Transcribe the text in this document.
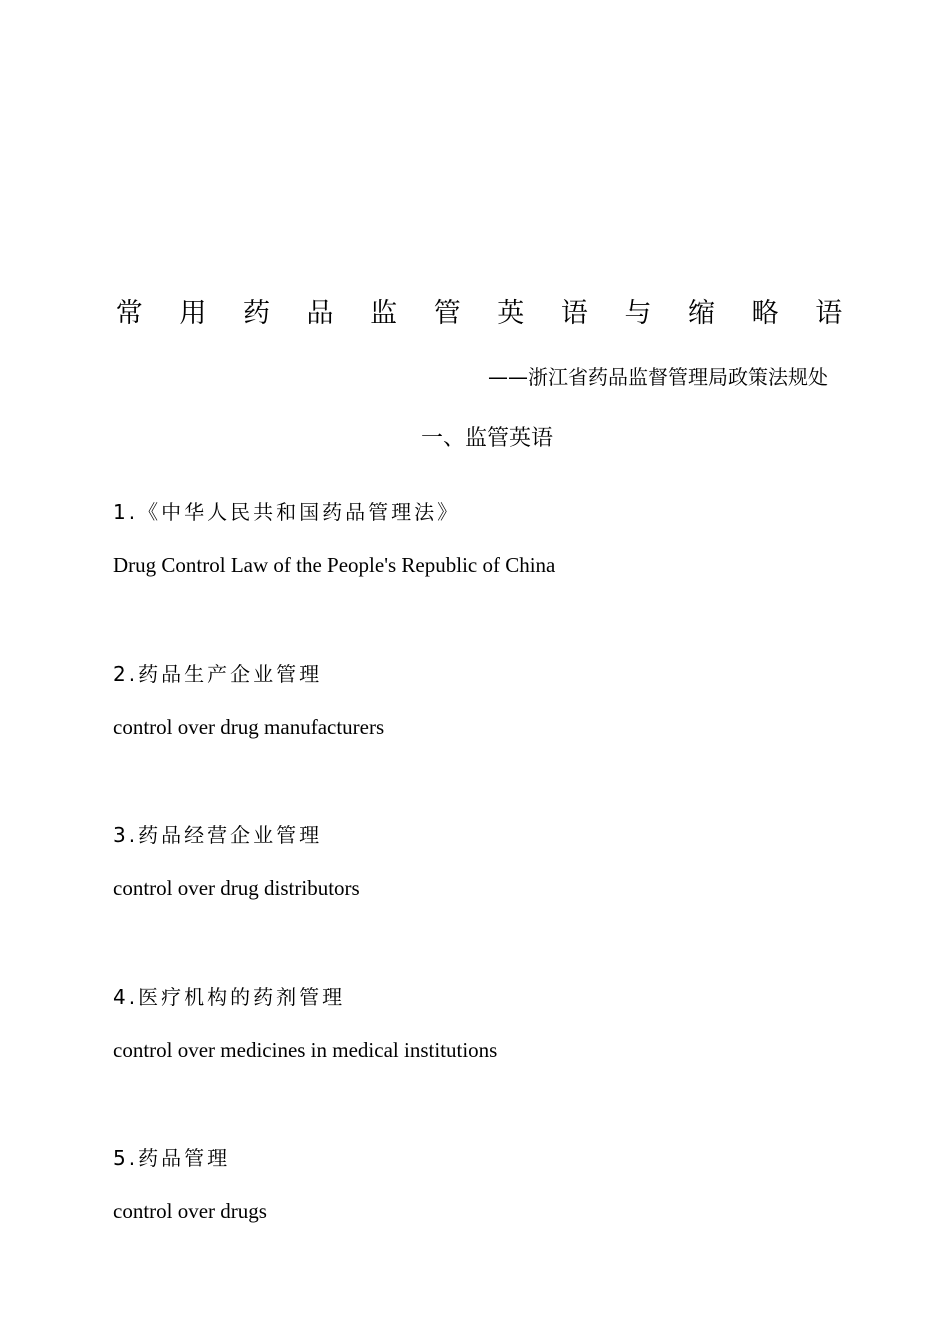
常 用 药 品 监 管 英 语 与 缩 略 语
——浙江省药品监督管理局政策法规处
一、监管英语
1.《中华人民共和国药品管理法》
Drug Control Law of the People's Republic of China
2.药品生产企业管理
control over drug manufacturers
3.药品经营企业管理
control over drug distributors
4.医疗机构的药剂管理
control over medicines in medical institutions
5.药品管理
control over drugs
